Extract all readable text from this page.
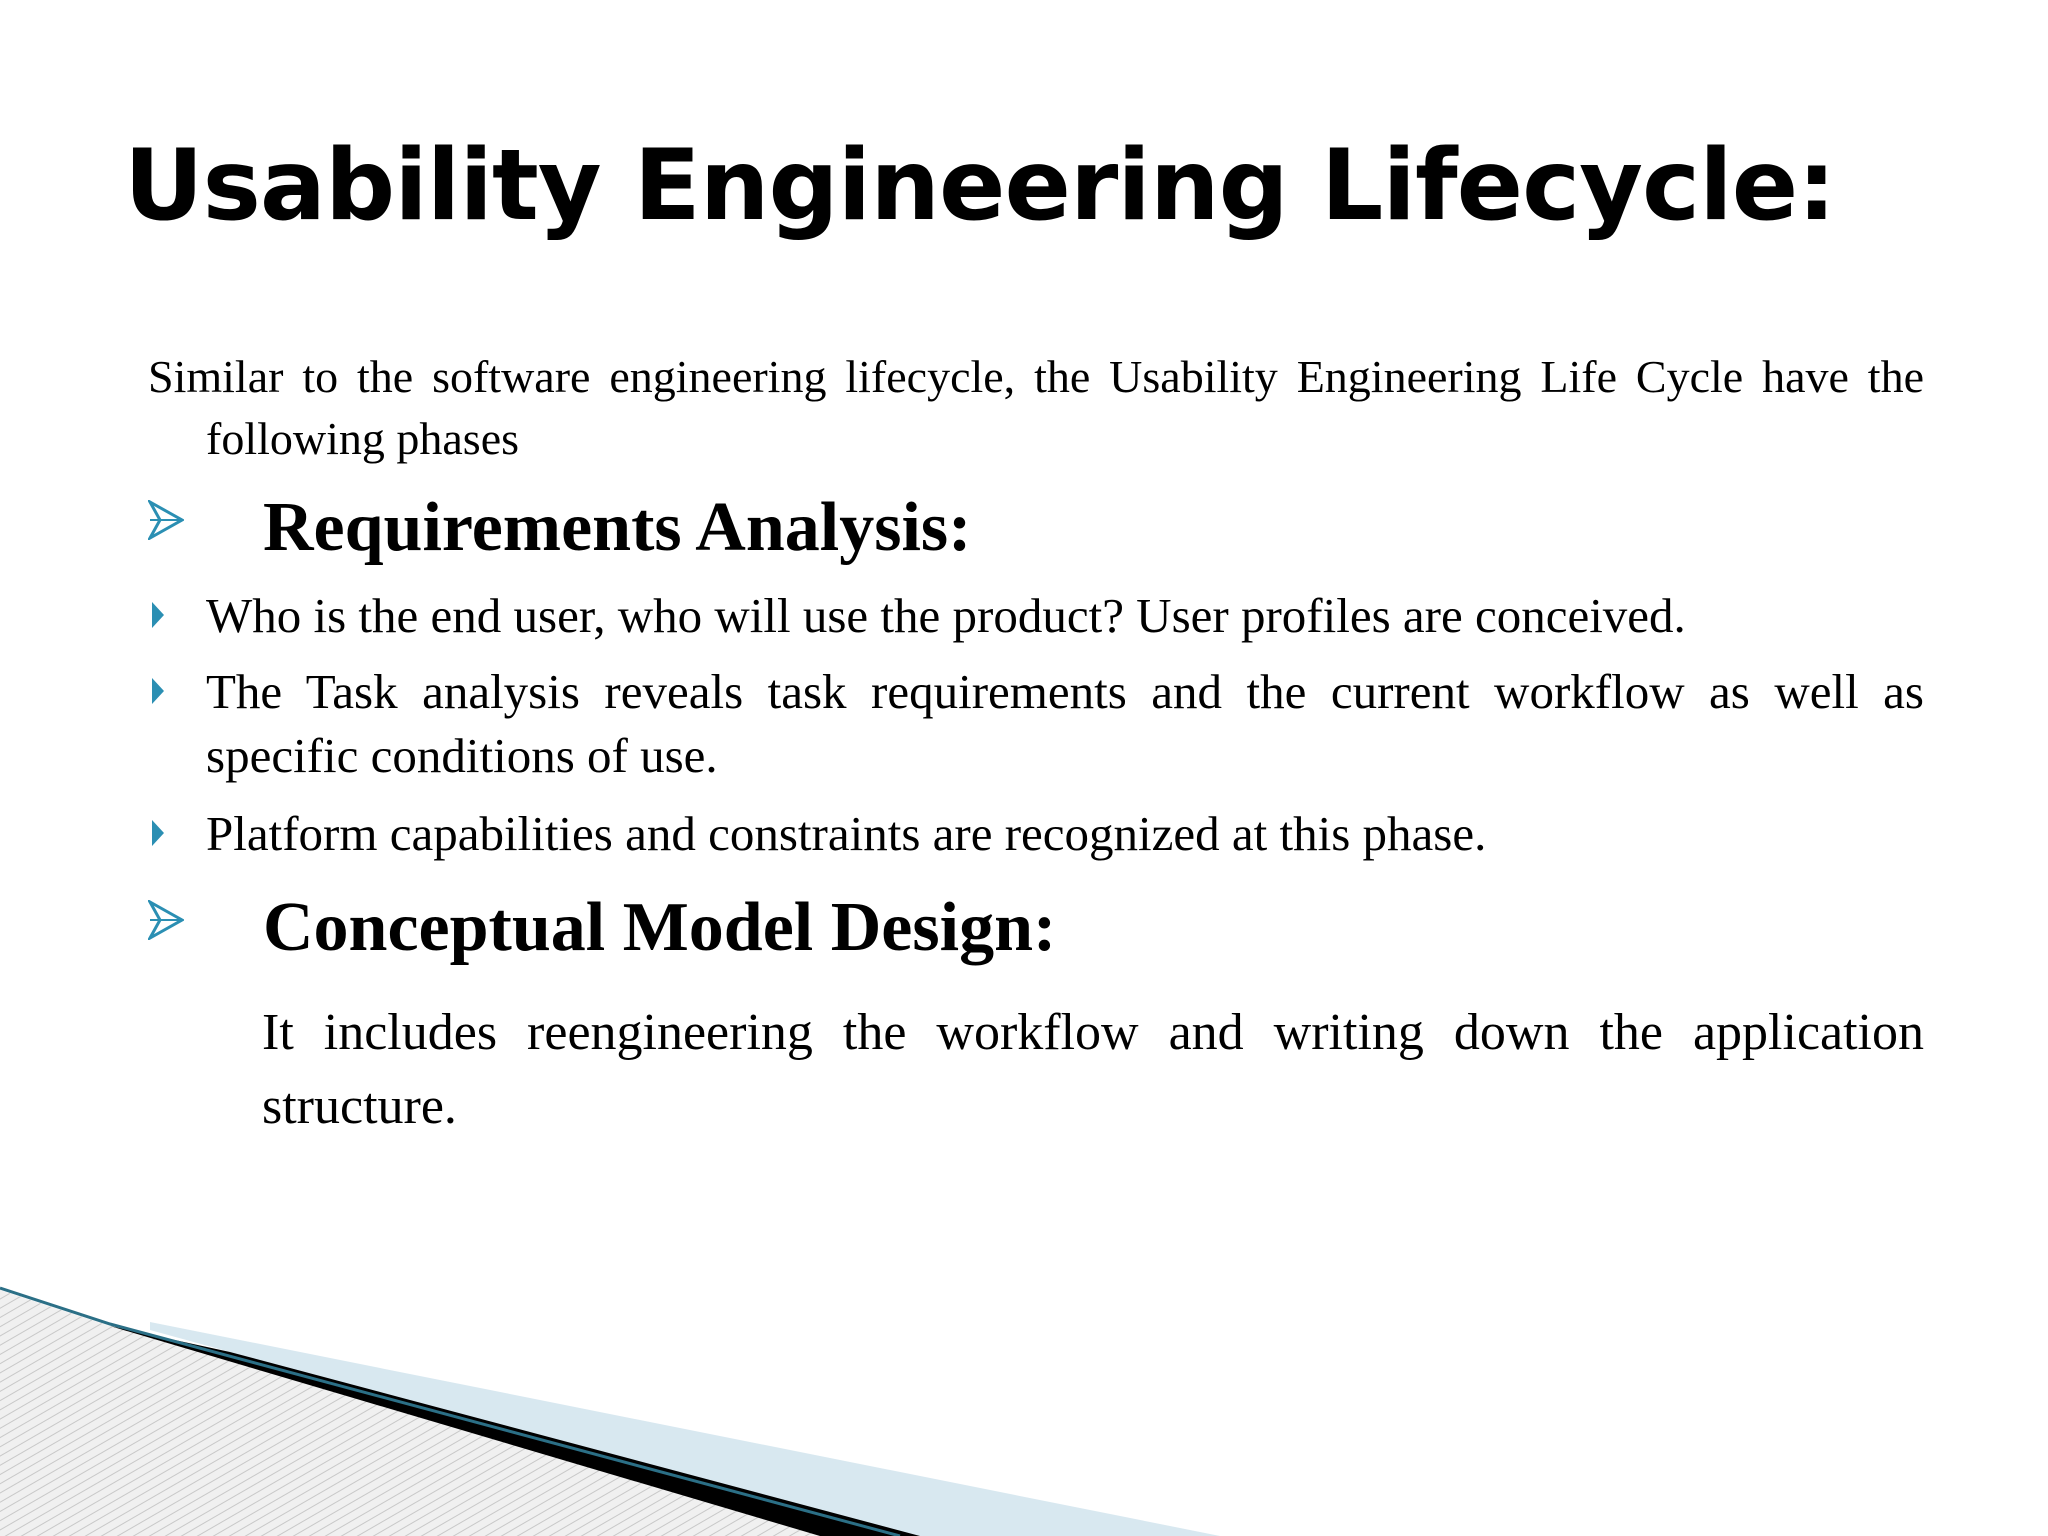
Usability Engineering Lifecycle:

Similar to the software engineering lifecycle, the Usability Engineering Life Cycle have the following phases

Requirements Analysis:

Who is the end user, who will use the product? User profiles are conceived.

The Task analysis reveals task requirements and the current workflow as well as specific conditions of use.

Platform capabilities and constraints are recognized at this phase.

Conceptual Model Design:

It includes reengineering the workflow and writing down the application structure.
